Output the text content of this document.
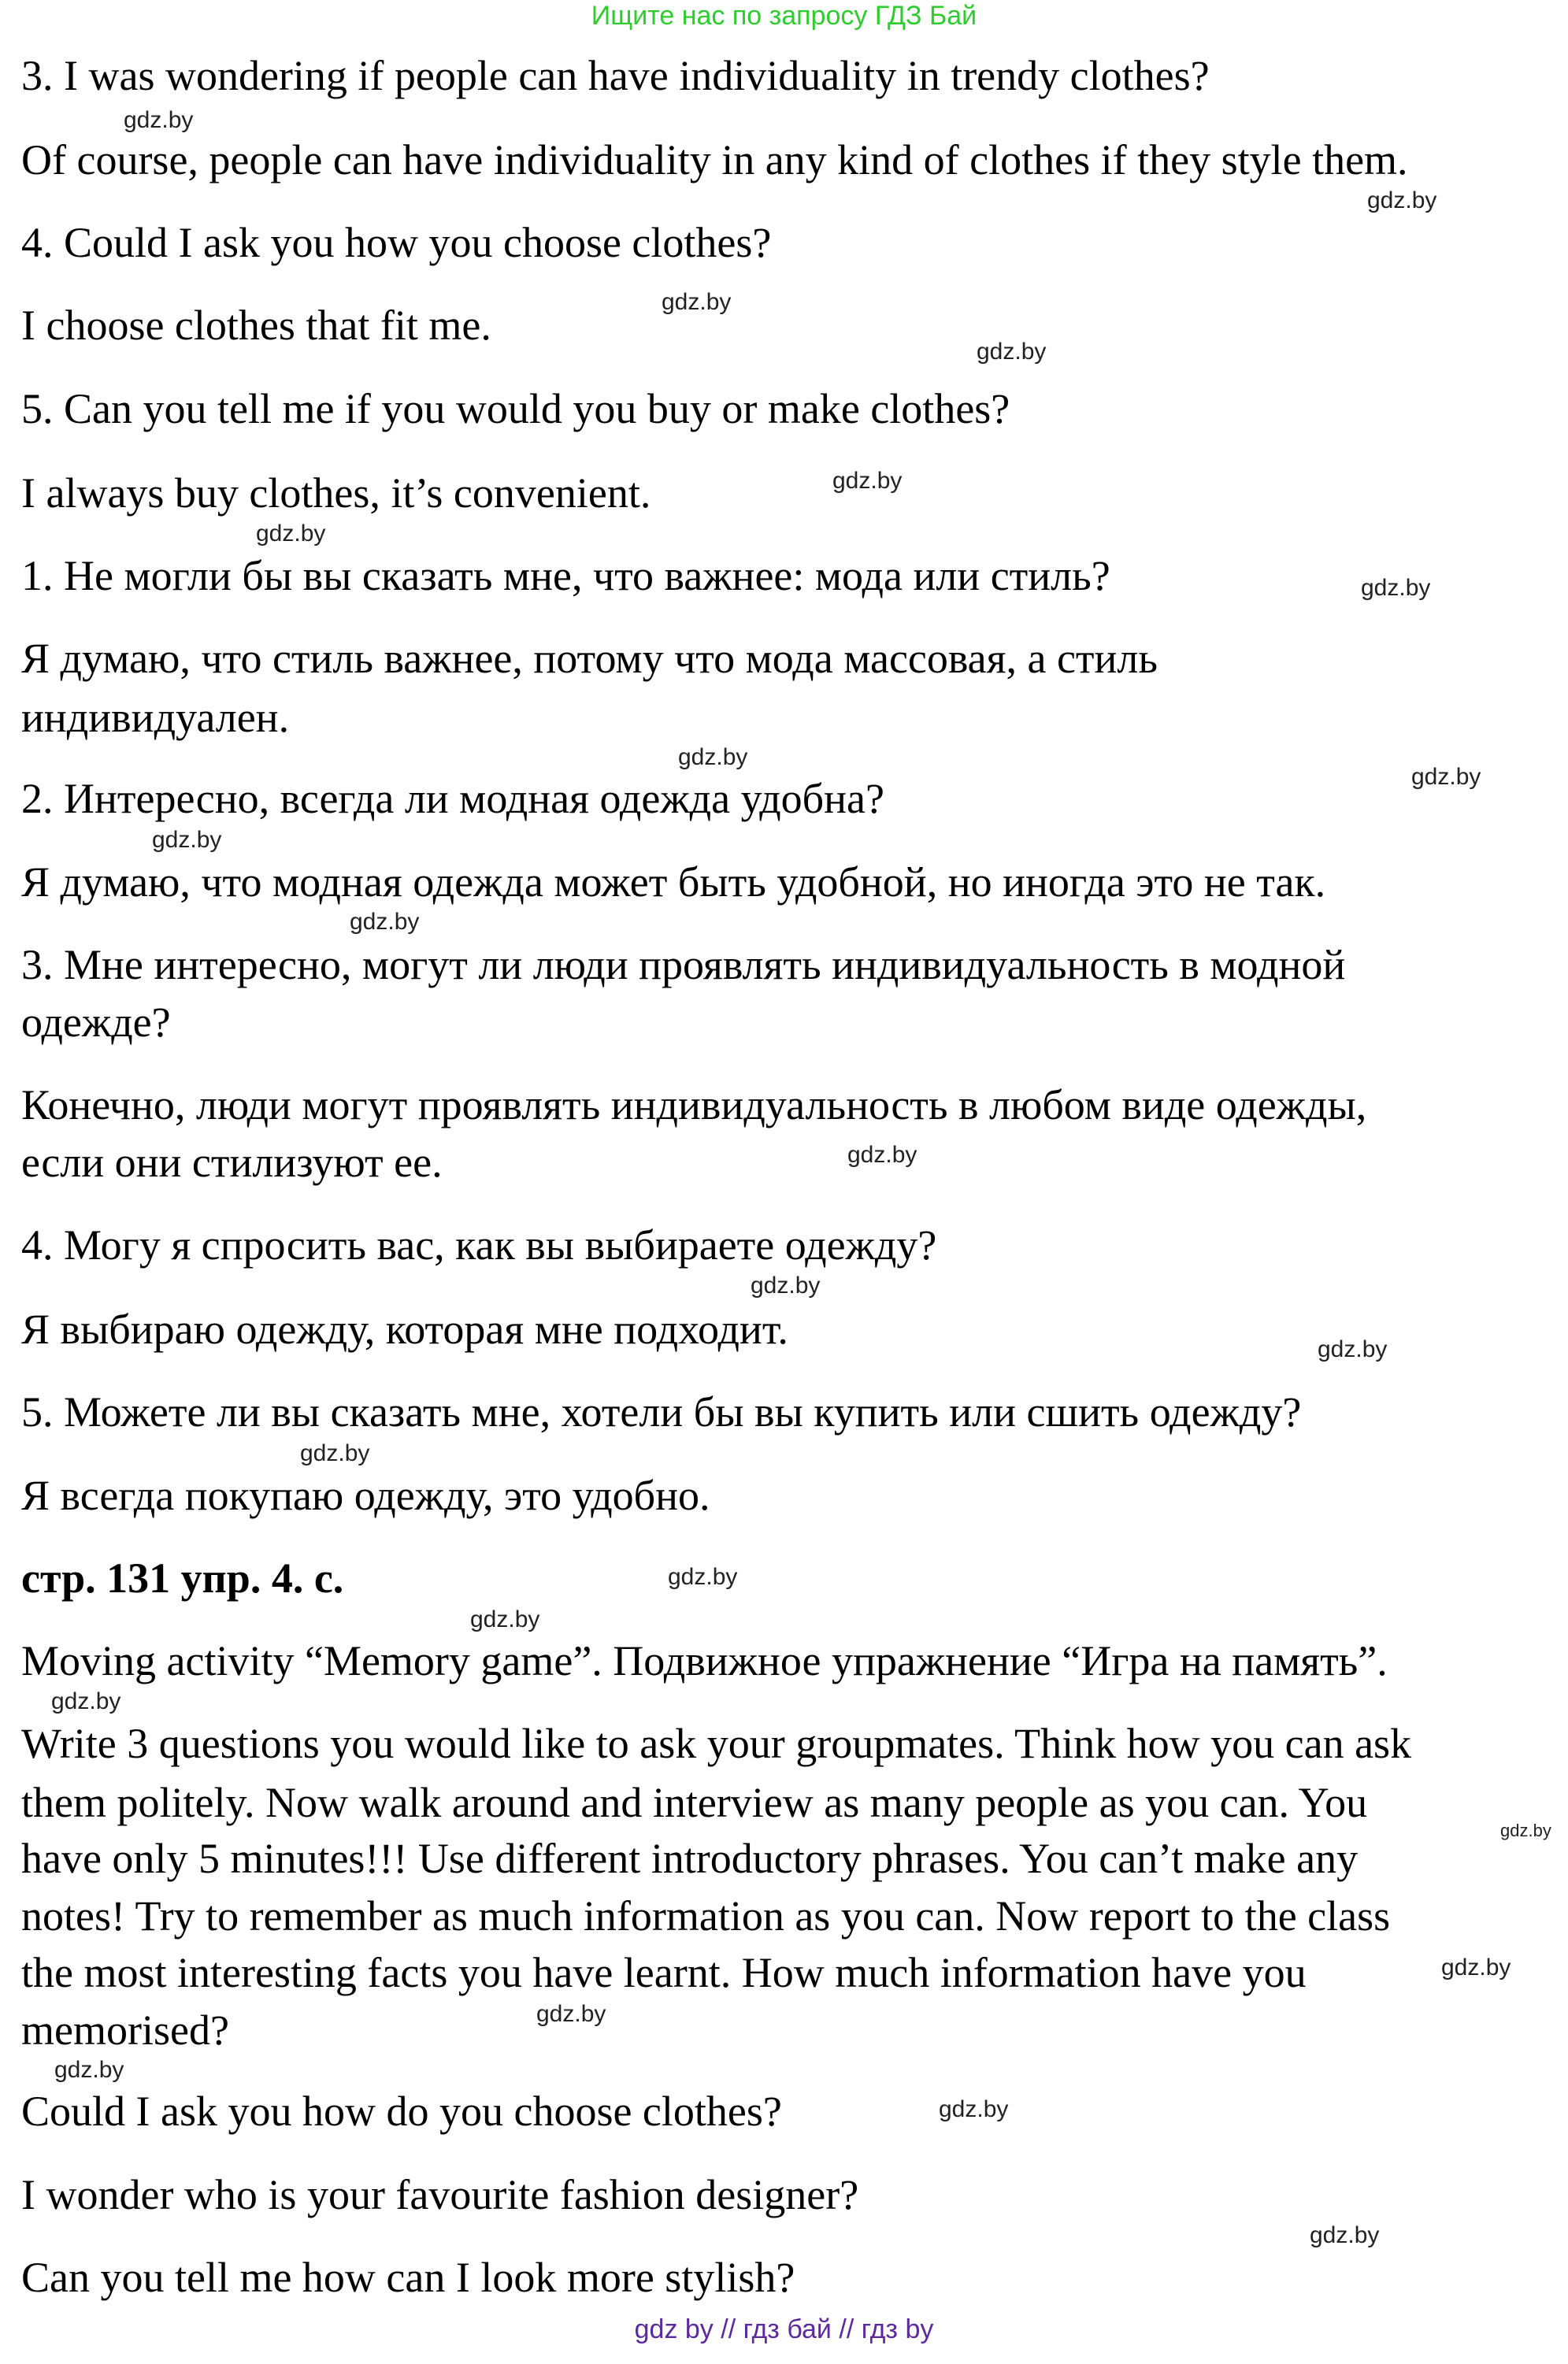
Ищите нас по запросу ГДЗ Бай
3. I was wondering if people can have individuality in trendy clothes?
Of course, people can have individuality in any kind of clothes if they style them.
4. Could I ask you how you choose clothes?
I choose clothes that fit me.
5. Can you tell me if you would you buy or make clothes?
I always buy clothes, it’s convenient.
1. Не могли бы вы сказать мне, что важнее: мода или стиль?
Я думаю, что стиль важнее, потому что мода массовая, а стиль
индивидуален.
2. Интересно, всегда ли модная одежда удобна?
Я думаю, что модная одежда может быть удобной, но иногда это не так.
3. Мне интересно, могут ли люди проявлять индивидуальность в модной
одежде?
Конечно, люди могут проявлять индивидуальность в любом виде одежды,
если они стилизуют ее.
4. Могу я спросить вас, как вы выбираете одежду?
Я выбираю одежду, которая мне подходит.
5. Можете ли вы сказать мне, хотели бы вы купить или сшить одежду?
Я всегда покупаю одежду, это удобно.
стр. 131 упр. 4. с.
Moving activity “Memory game”. Подвижное упражнение “Игра на память”.
Write 3 questions you would like to ask your groupmates. Think how you can ask
them politely. Now walk around and interview as many people as you can. You
have only 5 minutes!!! Use different introductory phrases. You can’t make any
notes! Try to remember as much information as you can. Now report to the class
the most interesting facts you have learnt. How much information have you
memorised?
Could I ask you how do you choose clothes?
I wonder who is your favourite fashion designer?
Can you tell me how can I look more stylish?
gdz.by
gdz.by
gdz.by
gdz.by
gdz.by
gdz.by
gdz.by
gdz.by
gdz.by
gdz.by
gdz.by
gdz.by
gdz.by
gdz.by
gdz.by
gdz.by
gdz.by
gdz.by
gdz.by
gdz.by
gdz.by
gdz.by
gdz.by
gdz.by
gdz by // гдз бай // гдз by
